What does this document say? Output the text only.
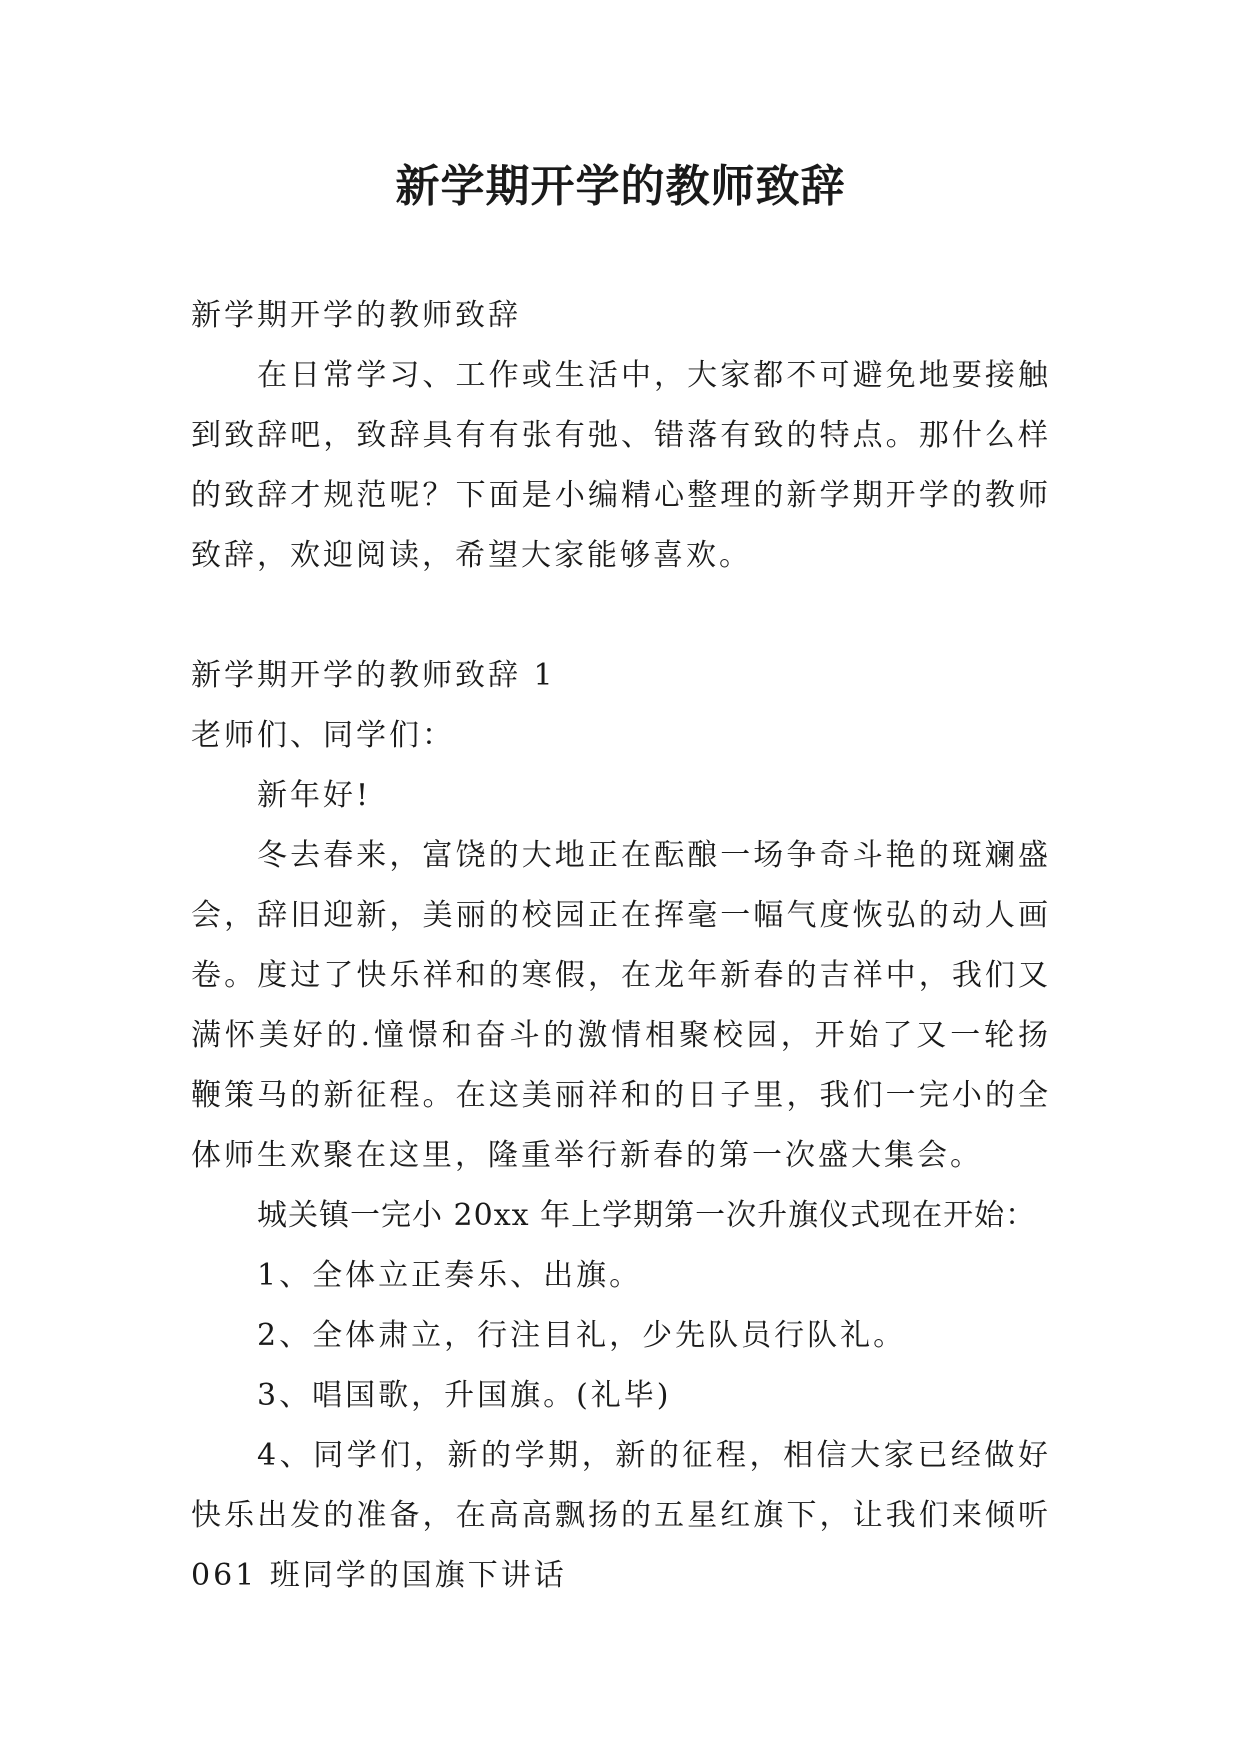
新学期开学的教师致辞

新学期开学的教师致辞

在日常学习、工作或生活中，大家都不可避免地要接触到致辞吧，致辞具有有张有弛、错落有致的特点。那什么样的致辞才规范呢？下面是小编精心整理的新学期开学的教师致辞，欢迎阅读，希望大家能够喜欢。

新学期开学的教师致辞 1

老师们、同学们：

新年好!

冬去春来，富饶的大地正在酝酿一场争奇斗艳的斑斓盛会，辞旧迎新，美丽的校园正在挥毫一幅气度恢弘的动人画卷。度过了快乐祥和的寒假，在龙年新春的吉祥中，我们又满怀美好的.憧憬和奋斗的激情相聚校园，开始了又一轮扬鞭策马的新征程。在这美丽祥和的日子里，我们一完小的全体师生欢聚在这里，隆重举行新春的第一次盛大集会。

城关镇一完小 20xx 年上学期第一次升旗仪式现在开始：

1、全体立正奏乐、出旗。

2、全体肃立，行注目礼，少先队员行队礼。

3、唱国歌，升国旗。(礼毕)

4、同学们，新的学期，新的征程，相信大家已经做好快乐出发的准备，在高高飘扬的五星红旗下，让我们来倾听 061 班同学的国旗下讲话
